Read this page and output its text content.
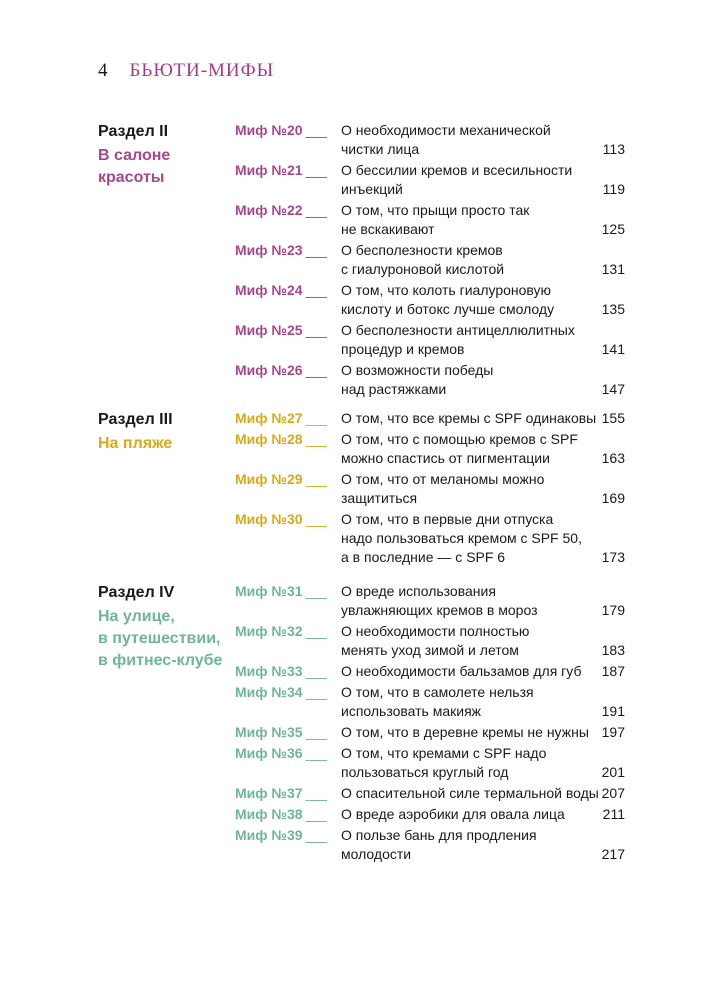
4 БЬЮТИ-МИФЫ
Раздел II
В салоне
красоты
Миф №20 ___ О необходимости механической
чистки лица	113
Миф №21 ___ О бессилии кремов и всесильности
инъекций	119
Миф №22 ___ О том, что прыщи просто так
не вскакивают	125
Миф №23 ___ О бесполезности кремов
с гиалуроновой кислотой	131
Миф №24 ___ О том, что колоть гиалуроновую
кислоту и ботокс лучше смолоду	135
Миф №25 ___ О бесполезности антицеллюлитных
процедур и кремов	141
Миф №26 ___ О возможности победы
над растяжками	147
Раздел III
На пляже
Миф №27 ___ О том, что все кремы с SPF одинаковы 155
Миф №28 ___ О том, что с помощью кремов с SPF
можно спастись от пигментации	163
Миф №29 ___ О том, что от меланомы можно
защититься	169
Миф №30 ___ О том, что в первые дни отпуска
надо пользоваться кремом с SPF 50,
а в последние — с SPF 6	173
Раздел IV
На улице,
в путешествии,
в фитнес-клубе
Миф №31 ___ О вреде использования
увлажняющих кремов в мороз	179
Миф №32 ___ О необходимости полностью
менять уход зимой и летом	183
Миф №33 ___ О необходимости бальзамов для губ	187
Миф №34 ___ О том, что в самолете нельзя
использовать макияж	191
Миф №35 ___ О том, что в деревне кремы не нужны 197
Миф №36 ___ О том, что кремами с SPF надо
пользоваться круглый год	201
Миф №37 ___ О спасительной силе термальной воды 207
Миф №38 ___ О вреде аэробики для овала лица	211
Миф №39 ___ О пользе бань для продления
молодости	217
